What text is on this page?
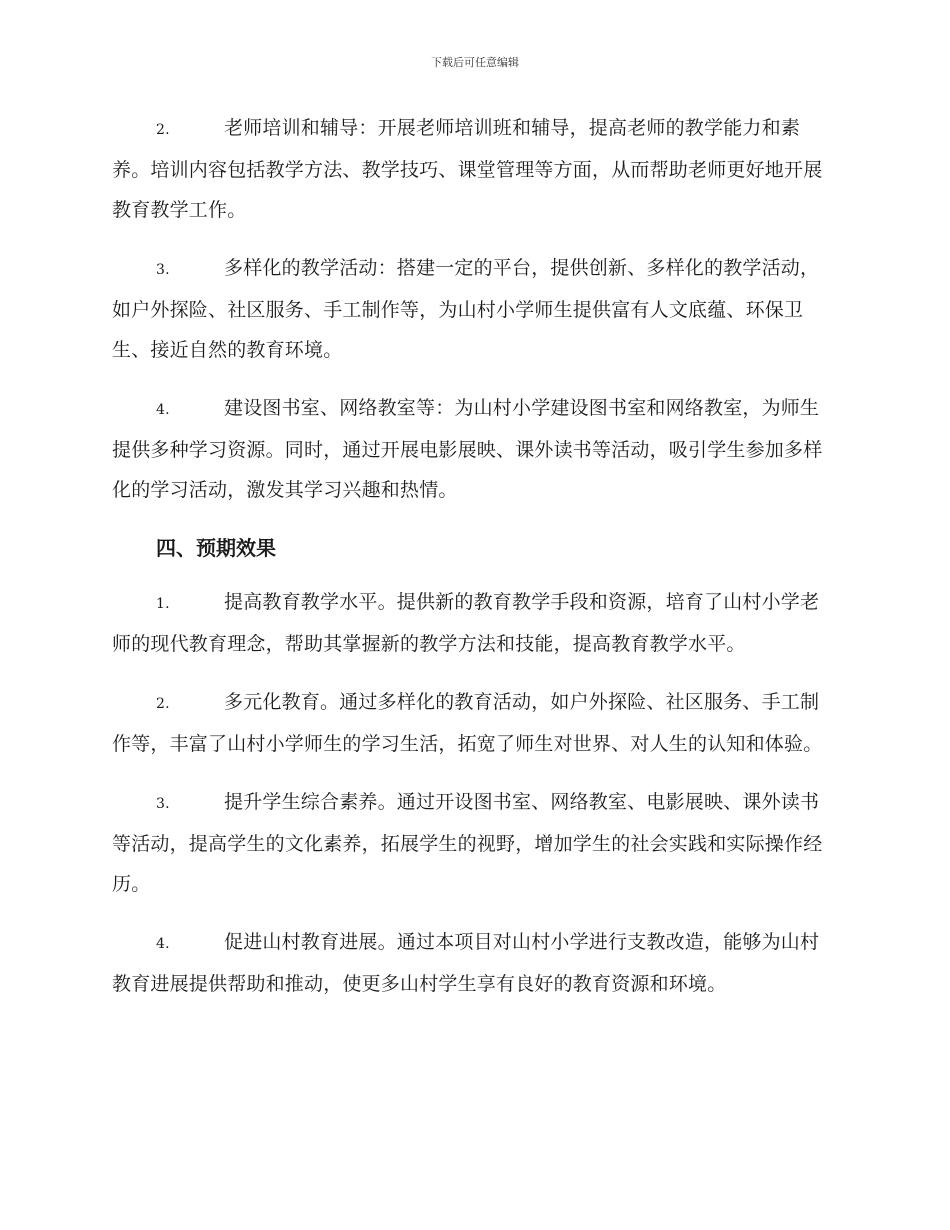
下载后可任意编辑

2.	老师培训和辅导：开展老师培训班和辅导，提高老师的教学能力和素养。培训内容包括教学方法、教学技巧、课堂管理等方面，从而帮助老师更好地开展教育教学工作。

3.	多样化的教学活动：搭建一定的平台，提供创新、多样化的教学活动，如户外探险、社区服务、手工制作等，为山村小学师生提供富有人文底蕴、环保卫生、接近自然的教育环境。

4.	建设图书室、网络教室等：为山村小学建设图书室和网络教室，为师生提供多种学习资源。同时，通过开展电影展映、课外读书等活动，吸引学生参加多样化的学习活动，激发其学习兴趣和热情。

四、预期效果

1.	提高教育教学水平。提供新的教育教学手段和资源，培育了山村小学老师的现代教育理念，帮助其掌握新的教学方法和技能，提高教育教学水平。

2.	多元化教育。通过多样化的教育活动，如户外探险、社区服务、手工制作等，丰富了山村小学师生的学习生活，拓宽了师生对世界、对人生的认知和体验。

3.	提升学生综合素养。通过开设图书室、网络教室、电影展映、课外读书等活动，提高学生的文化素养，拓展学生的视野，增加学生的社会实践和实际操作经历。

4.	促进山村教育进展。通过本项目对山村小学进行支教改造，能够为山村教育进展提供帮助和推动，使更多山村学生享有良好的教育资源和环境。
